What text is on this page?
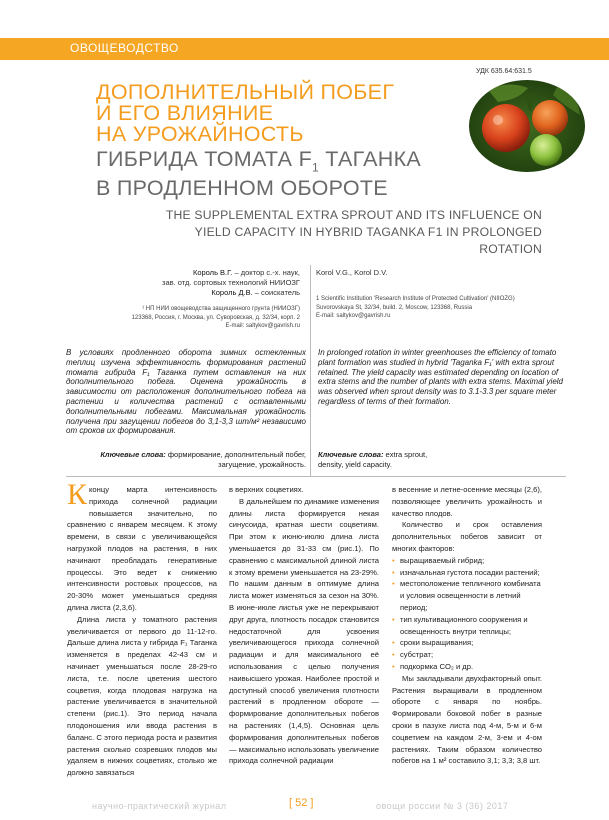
ОВОЩЕВОДСТВО
УДК 635.64:631.5
ДОПОЛНИТЕЛЬНЫЙ ПОБЕГ
И ЕГО ВЛИЯНИЕ
НА УРОЖАЙНОСТЬ
ГИБРИДА ТОМАТА $F_1$ ТАГАНКА
В ПРОДЛЕННОМ ОБОРОТЕ
THE SUPPLEMENTAL EXTRA SPROUT AND ITS INFLUENCE ON
YIELD CAPACITY IN HYBRID TAGANKA F1 IN PROLONGED ROTATION
Король В.Г. – доктор с.-х. наук,
зав. отд. сортовых технологий НИИОЗГ
Король Д.В. – соискатель
¹ НП НИИ овощеводства защищенного грунта (НИИОЗГ)
123368, Россия, г. Москва, ул. Суворовская, д. 32/34, корп. 2
E-mail: saltykov@gavrish.ru
Korol V.G., Korol D.V.
1 Scientific Institution 'Research Institute of Protected Cultivation' (NIIOZG)
Suvorovskaya St, 32/34, build. 2, Moscow, 123368, Russia
E-mail: saltykov@gavrish.ru
В условиях продленного оборота зимних остекленных теплиц изучена эффективность формирования растений томата гибрида F₁ Таганка путем оставления на них дополнительного побега. Оценена урожайность в зависимости от расположения дополнительного побега на растении и количества растений с оставленными дополнительными побегами. Максимальная урожайность получена при загущении побегов до 3,1-3,3 шт/м² независимо от сроков их формирования.
In prolonged rotation in winter greenhouses the efficiency of tomato plant formation was studied in hybrid 'Taganka F₁' with extra sprout retained. The yield capacity was estimated depending on location of extra stems and the number of plants with extra stems. Maximal yield was observed when sprout density was to 3.1-3.3 per square meter regardless of terms of their formation.
Ключевые слова: формирование, дополнительный побег, загущение, урожайность.
Ключевые слова: extra sprout, density, yield capacity.

Кконцу марта интенсивность прихода солнечной радиации повышается значительно, по сравнению с январем месяцем. К этому времени, в связи с увеличивающейся нагрузкой плодов на растения, в них начинают преобладать генеративные процессы. Это ведет к снижению интенсивности ростовых процессов, на 20-30% может уменьшаться средняя длина листа (2,3,6).

Длина листа у томатного растения увеличивается от первого до 11-12-го. Дальше длина листа у гибрида F₁ Таганка изменяется в пределах 42-43 см и начинает уменьшаться после 28-29-го листа, т.е. после цветения шестого соцветия, когда плодовая нагрузка на растение увеличивается в значительной степени (рис.1). Это период начала плодоношения или ввода растения в баланс. С этого периода роста и развития растения сколько созревших плодов мы удаляем в нижних соцветиях, столько же должно завязаться

в верхних соцветиях.

В дальнейшем по динамике изменения длины листа формируется некая синусоида, кратная шести соцветиям. При этом к июню-июлю длина листа уменьшается до 31-33 см (рис.1). По сравнению с максимальной длиной листа к этому времени уменьшается на 23-29%. По нашим данным в оптимуме длина листа может изменяться за сезон на 30%. В июне-июле листья уже не перекрывают друг друга, плотность посадок становится недостаточной для усвоения увеличивающегося прихода солнечной радиации и для максимального её использования с целью получения наивысшего урожая. Наиболее простой и доступный способ увеличения плотности растений в продленном обороте — формирование дополнительных побегов на растениях (1,4,5). Основная цель формирования дополнительных побегов — максимально использовать увеличение прихода солнечной радиации

в весенние и летне-осенние месяцы (2,6), позволяющее увеличить урожайность и качество плодов.

Количество и срок оставления дополнительных побегов зависит от многих факторов:

• выращиваемый гибрид;
• изначальная густота посадки растений;
• местоположение тепличного комбината и условия освещенности в летний период;
• тип культивационного сооружения и освещенность внутри теплицы;
• сроки выращивания;
• субстрат;
• подкормка CO₂ и др.

Мы закладывали двухфакторный опыт. Растения выращивали в продленном обороте с января по ноябрь. Формировали боковой побег в разные сроки в пазухе листа под 4-м, 5-м и 6-м соцветием на каждом 2-м, 3-ем и 4-ом растениях. Таким образом количество побегов на 1 м² составило 3,1; 3,3; 3,8 шт.

научно-практический журнал	[ 52 ]	овощи россии № 3 (36) 2017
